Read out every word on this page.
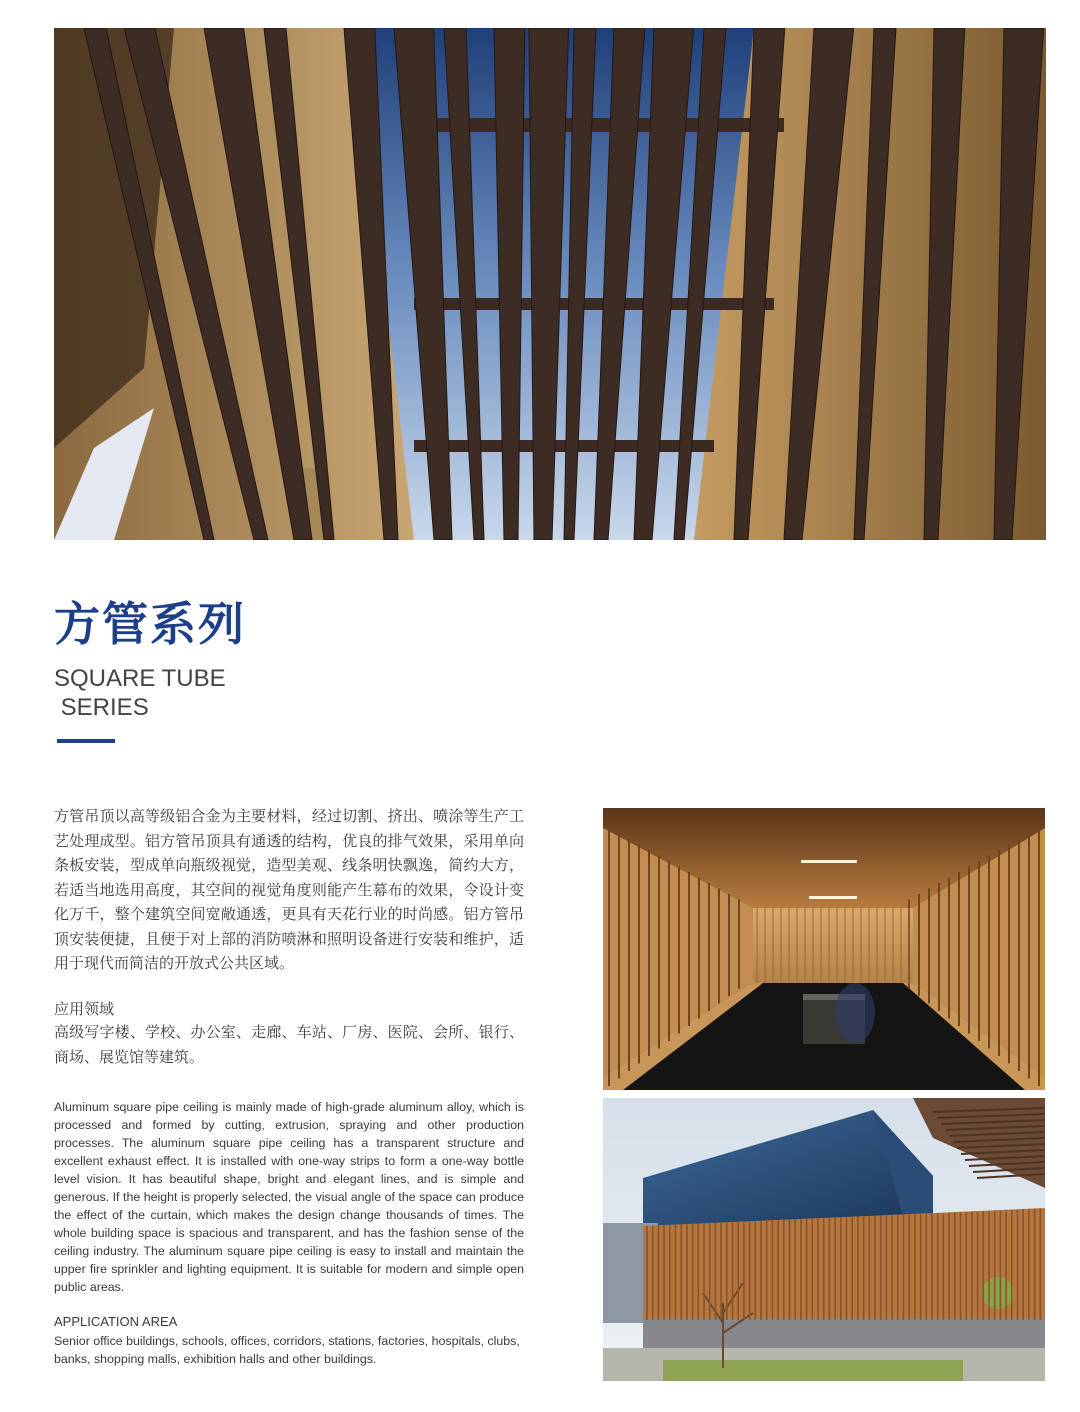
方管系列
SQUARE TUBE
SERIES
方管吊顶以高等级铝合金为主要材料，经过切割、挤出、喷涂等生产工艺处理成型。铝方管吊顶具有通透的结构，优良的排气效果，采用单向条板安装，型成单向瓶级视觉，造型美观、线条明快飘逸，简约大方，若适当地选用高度，其空间的视觉角度则能产生幕布的效果，令设计变化万千，整个建筑空间宽敞通透，更具有天花行业的时尚感。铝方管吊顶安装便捷，且便于对上部的消防喷淋和照明设备进行安装和维护，适用于现代而简洁的开放式公共区域。
应用领域
高级写字楼、学校、办公室、走廊、车站、厂房、医院、会所、银行、商场、展览馆等建筑。
Aluminum square pipe ceiling is mainly made of high-grade aluminum alloy, which is processed and formed by cutting, extrusion, spraying and other production processes. The aluminum square pipe ceiling has a transparent structure and excellent exhaust effect. It is installed with one-way strips to form a one-way bottle level vision. It has beautiful shape, bright and elegant lines, and is simple and generous. If the height is properly selected, the visual angle of the space can produce the effect of the curtain, which makes the design change thousands of times. The whole building space is spacious and transparent, and has the fashion sense of the ceiling industry. The aluminum square pipe ceiling is easy to install and maintain the upper fire sprinkler and lighting equipment. It is suitable for modern and simple open public areas.
APPLICATION AREA
Senior office buildings, schools, offices, corridors, stations, factories, hospitals, clubs, banks, shopping malls, exhibition halls and other buildings.
